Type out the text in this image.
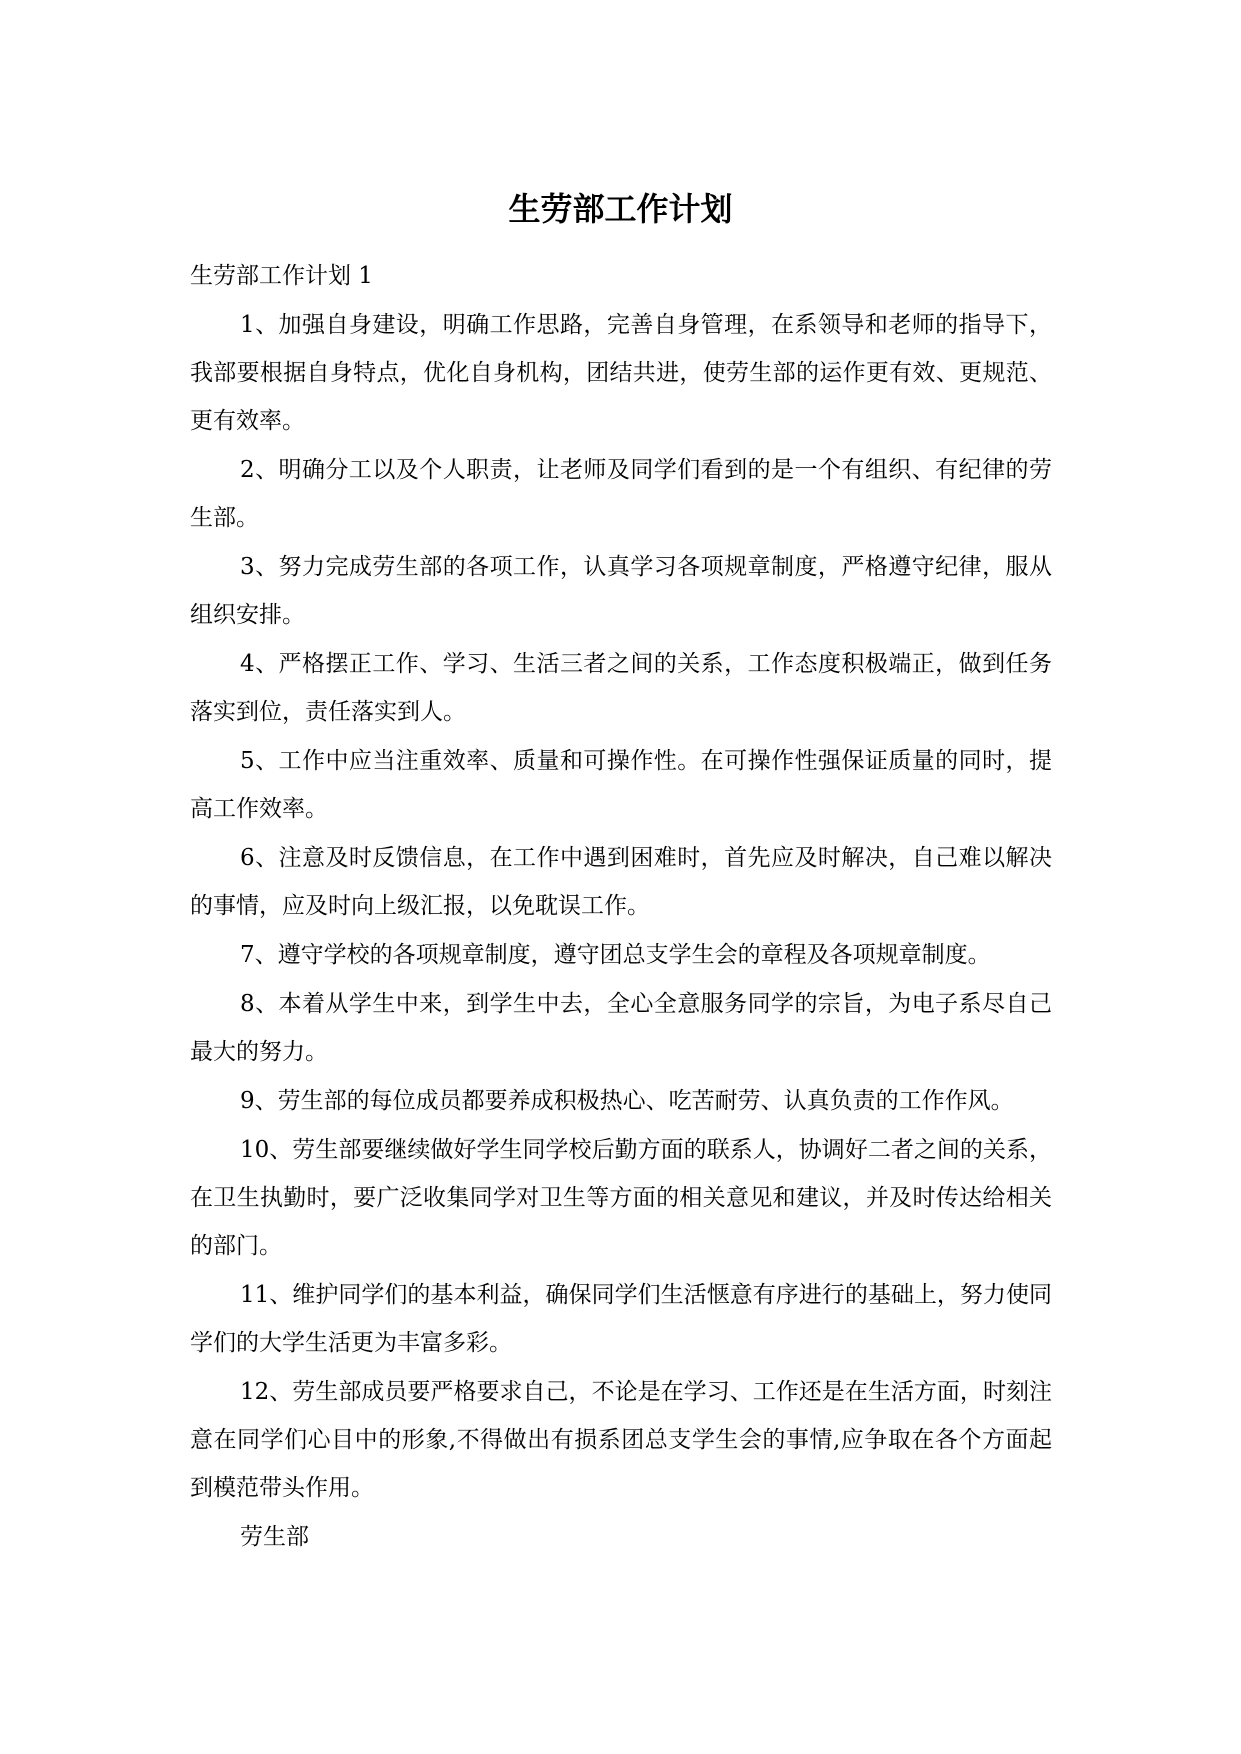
生劳部工作计划

生劳部工作计划 1

1、加强自身建设，明确工作思路，完善自身管理，在系领导和老师的指导下，我部要根据自身特点，优化自身机构，团结共进，使劳生部的运作更有效、更规范、更有效率。

2、明确分工以及个人职责，让老师及同学们看到的是一个有组织、有纪律的劳生部。

3、努力完成劳生部的各项工作，认真学习各项规章制度，严格遵守纪律，服从组织安排。

4、严格摆正工作、学习、生活三者之间的关系，工作态度积极端正，做到任务落实到位，责任落实到人。

5、工作中应当注重效率、质量和可操作性。在可操作性强保证质量的同时，提高工作效率。

6、注意及时反馈信息，在工作中遇到困难时，首先应及时解决，自己难以解决的事情，应及时向上级汇报，以免耽误工作。

7、遵守学校的各项规章制度，遵守团总支学生会的章程及各项规章制度。

8、本着从学生中来，到学生中去，全心全意服务同学的宗旨，为电子系尽自己最大的努力。

9、劳生部的每位成员都要养成积极热心、吃苦耐劳、认真负责的工作作风。

10、劳生部要继续做好学生同学校后勤方面的联系人，协调好二者之间的关系，在卫生执勤时，要广泛收集同学对卫生等方面的相关意见和建议，并及时传达给相关的部门。

11、维护同学们的基本利益，确保同学们生活惬意有序进行的基础上，努力使同学们的大学生活更为丰富多彩。

12、劳生部成员要严格要求自己，不论是在学习、工作还是在生活方面，时刻注意在同学们心目中的形象,不得做出有损系团总支学生会的事情,应争取在各个方面起到模范带头作用。

劳生部
